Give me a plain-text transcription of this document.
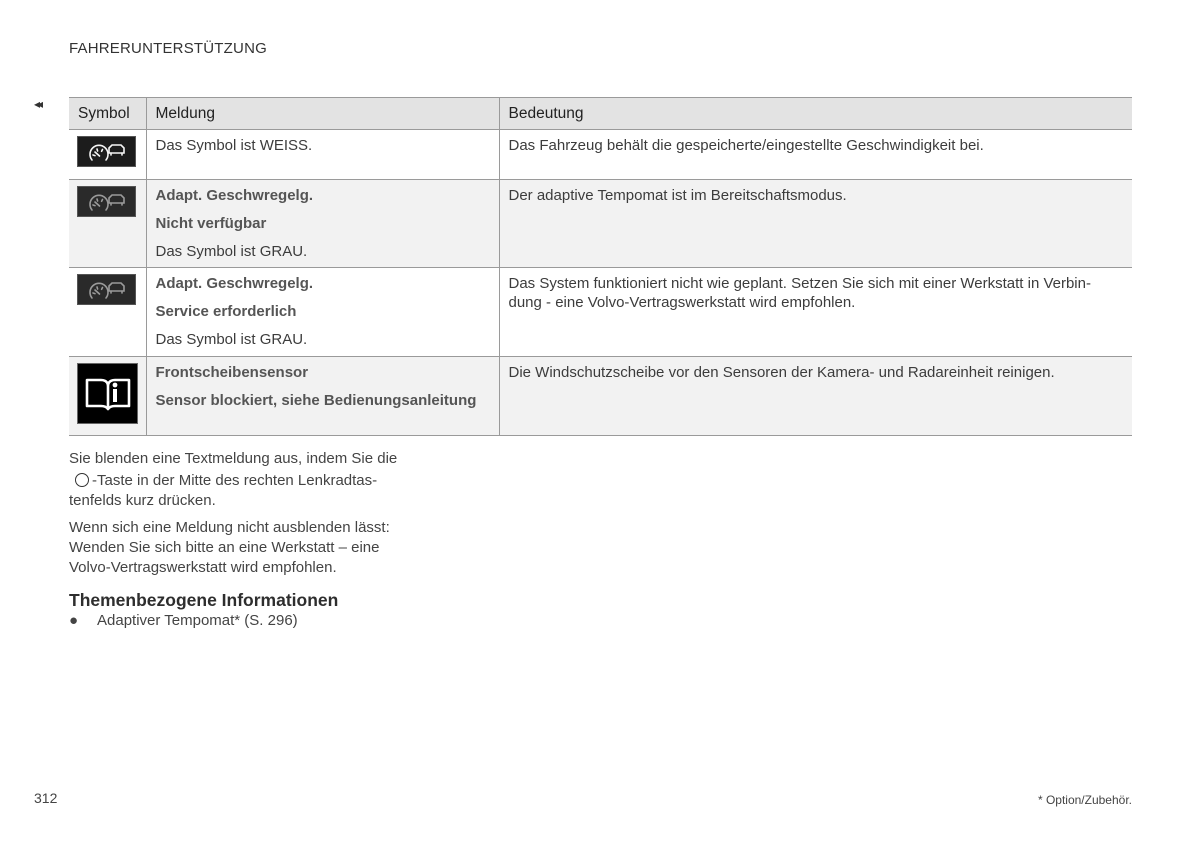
FAHRERUNTERSTÜTZUNG
◂◂
Symbol	Meldung	Bedeutung

Das Symbol ist WEISS.	Das Fahrzeug behält die gespeicherte/eingestellte Geschwindigkeit bei.

Adapt. Geschwregelg.
Nicht verfügbar
Das Symbol ist GRAU.	Der adaptive Tempomat ist im Bereitschaftsmodus.

Adapt. Geschwregelg.
Service erforderlich
Das Symbol ist GRAU.	Das System funktioniert nicht wie geplant. Setzen Sie sich mit einer Werkstatt in Verbin-
dung - eine Volvo-Vertragswerkstatt wird empfohlen.

Frontscheibensensor
Sensor blockiert, siehe Bedienungsanleitung	Die Windschutzscheibe vor den Sensoren der Kamera- und Radareinheit reinigen.
Sie blenden eine Textmeldung aus, indem Sie die
-Taste in der Mitte des rechten Lenkradtas-
tenfelds kurz drücken.
Wenn sich eine Meldung nicht ausblenden lässt:
Wenden Sie sich bitte an eine Werkstatt – eine
Volvo-Vertragswerkstatt wird empfohlen.
Themenbezogene Informationen
● Adaptiver Tempomat* (S. 296)
312	* Option/Zubehör.
